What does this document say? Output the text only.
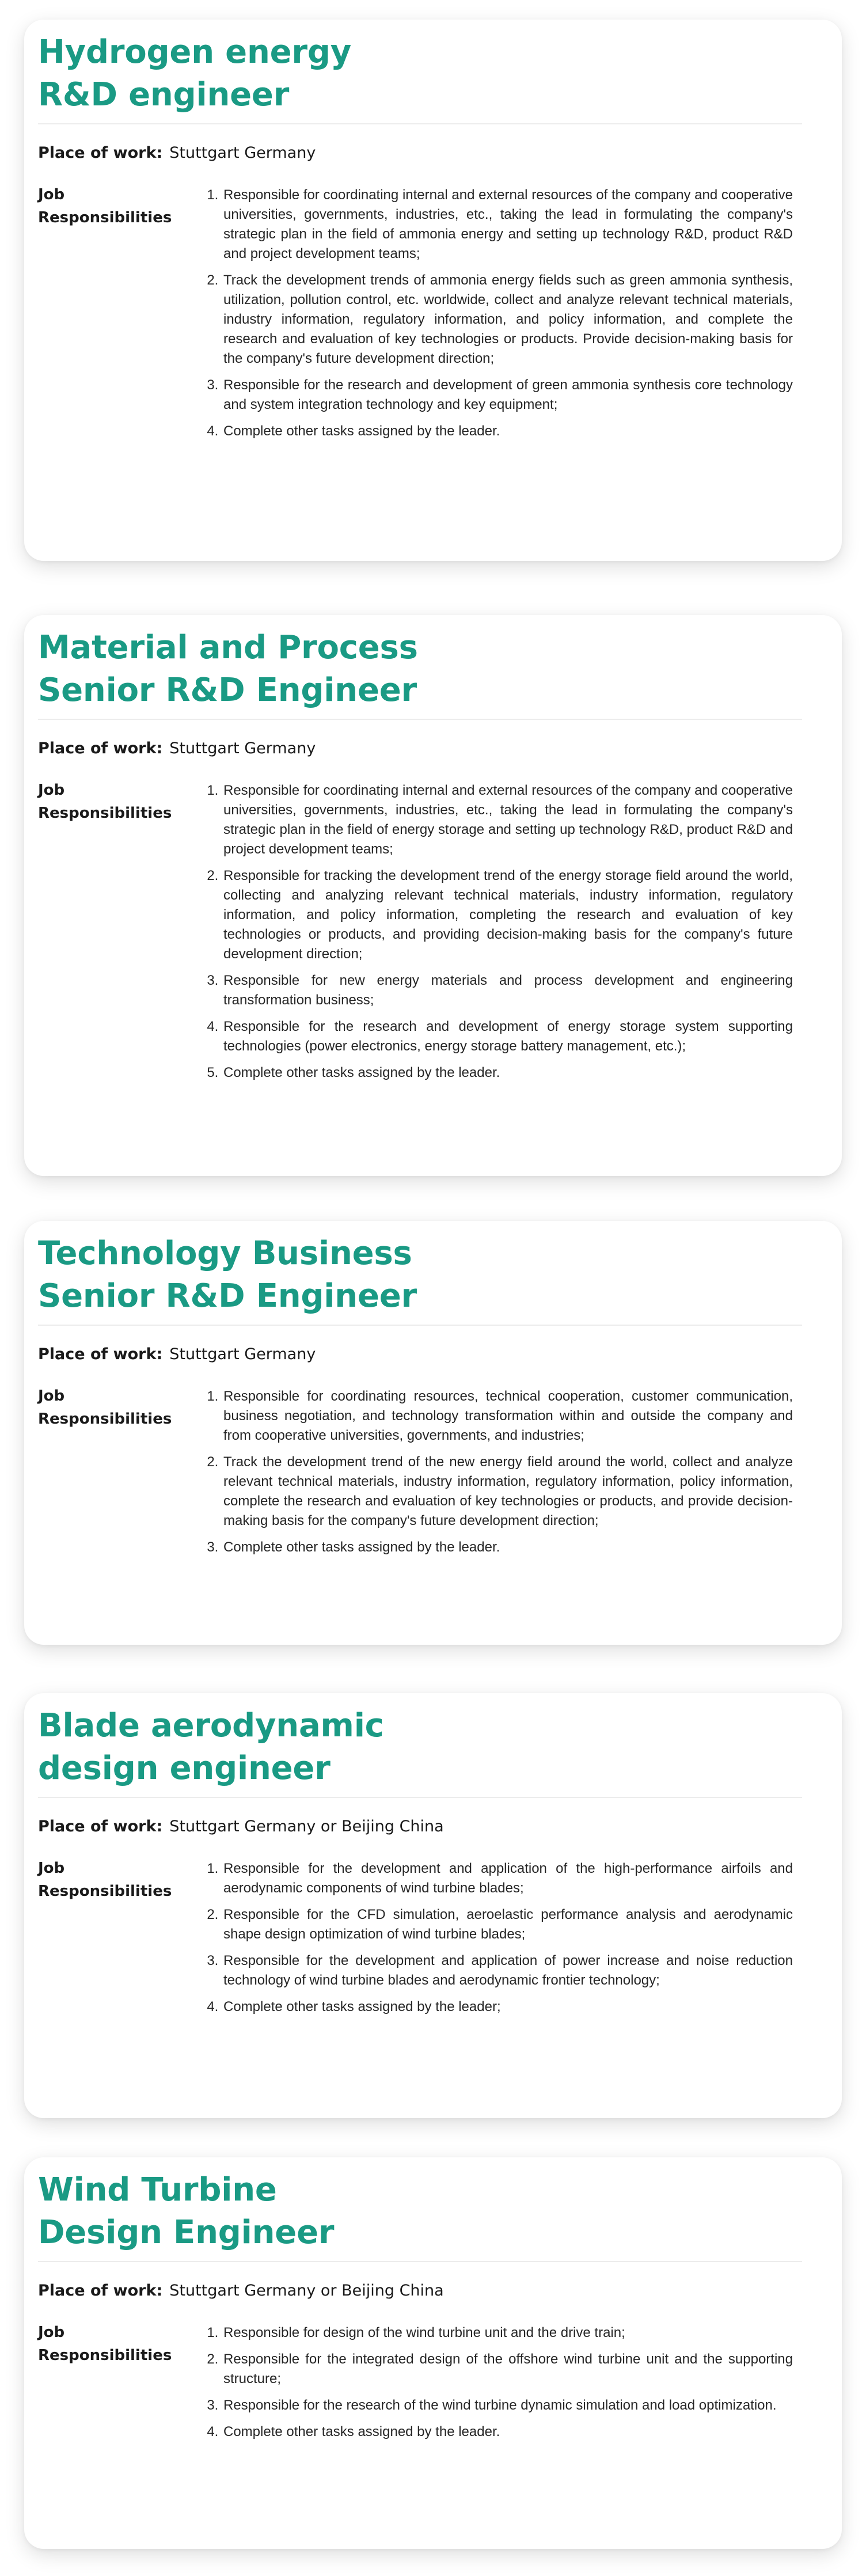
Hydrogen energy
R&D engineer
Place of work: Stuttgart Germany
Job Responsibilities
1. Responsible for coordinating internal and external resources of the company and cooperative universities, governments, industries, etc., taking the lead in formulating the company's strategic plan in the field of ammonia energy and setting up technology R&D, product R&D and project development teams;
2. Track the development trends of ammonia energy fields such as green ammonia synthesis, utilization, pollution control, etc. worldwide, collect and analyze relevant technical materials, industry information, regulatory information, and policy information, and complete the research and evaluation of key technologies or products. Provide decision-making basis for the company's future development direction;
3. Responsible for the research and development of green ammonia synthesis core technology and system integration technology and key equipment;
4. Complete other tasks assigned by the leader.
Material and Process
Senior R&D Engineer
Place of work: Stuttgart Germany
Job Responsibilities
1. Responsible for coordinating internal and external resources of the company and cooperative universities, governments, industries, etc., taking the lead in formulating the company's strategic plan in the field of energy storage and setting up technology R&D, product R&D and project development teams;
2. Responsible for tracking the development trend of the energy storage field around the world, collecting and analyzing relevant technical materials, industry information, regulatory information, and policy information, completing the research and evaluation of key technologies or products, and providing decision-making basis for the company's future development direction;
3. Responsible for new energy materials and process development and engineering transformation business;
4. Responsible for the research and development of energy storage system supporting technologies (power electronics, energy storage battery management, etc.);
5. Complete other tasks assigned by the leader.
Technology Business
Senior R&D Engineer
Place of work: Stuttgart Germany
Job Responsibilities
1. Responsible for coordinating resources, technical cooperation, customer communication, business negotiation, and technology transformation within and outside the company and from cooperative universities, governments, and industries;
2. Track the development trend of the new energy field around the world, collect and analyze relevant technical materials, industry information, regulatory information, policy information, complete the research and evaluation of key technologies or products, and provide decision-making basis for the company's future development direction;
3. Complete other tasks assigned by the leader.
Blade aerodynamic
design engineer
Place of work: Stuttgart Germany or Beijing China
Job Responsibilities
1. Responsible for the development and application of the high-performance airfoils and aerodynamic components of wind turbine blades;
2. Responsible for the CFD simulation, aeroelastic performance analysis and aerodynamic shape design optimization of wind turbine blades;
3. Responsible for the development and application of power increase and noise reduction technology of wind turbine blades and aerodynamic frontier technology;
4. Complete other tasks assigned by the leader;
Wind Turbine
Design Engineer
Place of work: Stuttgart Germany or Beijing China
Job Responsibilities
1. Responsible for design of the wind turbine unit and the drive train;
2. Responsible for the integrated design of the offshore wind turbine unit and the supporting structure;
3. Responsible for the research of the wind turbine dynamic simulation and load optimization.
4. Complete other tasks assigned by the leader.
